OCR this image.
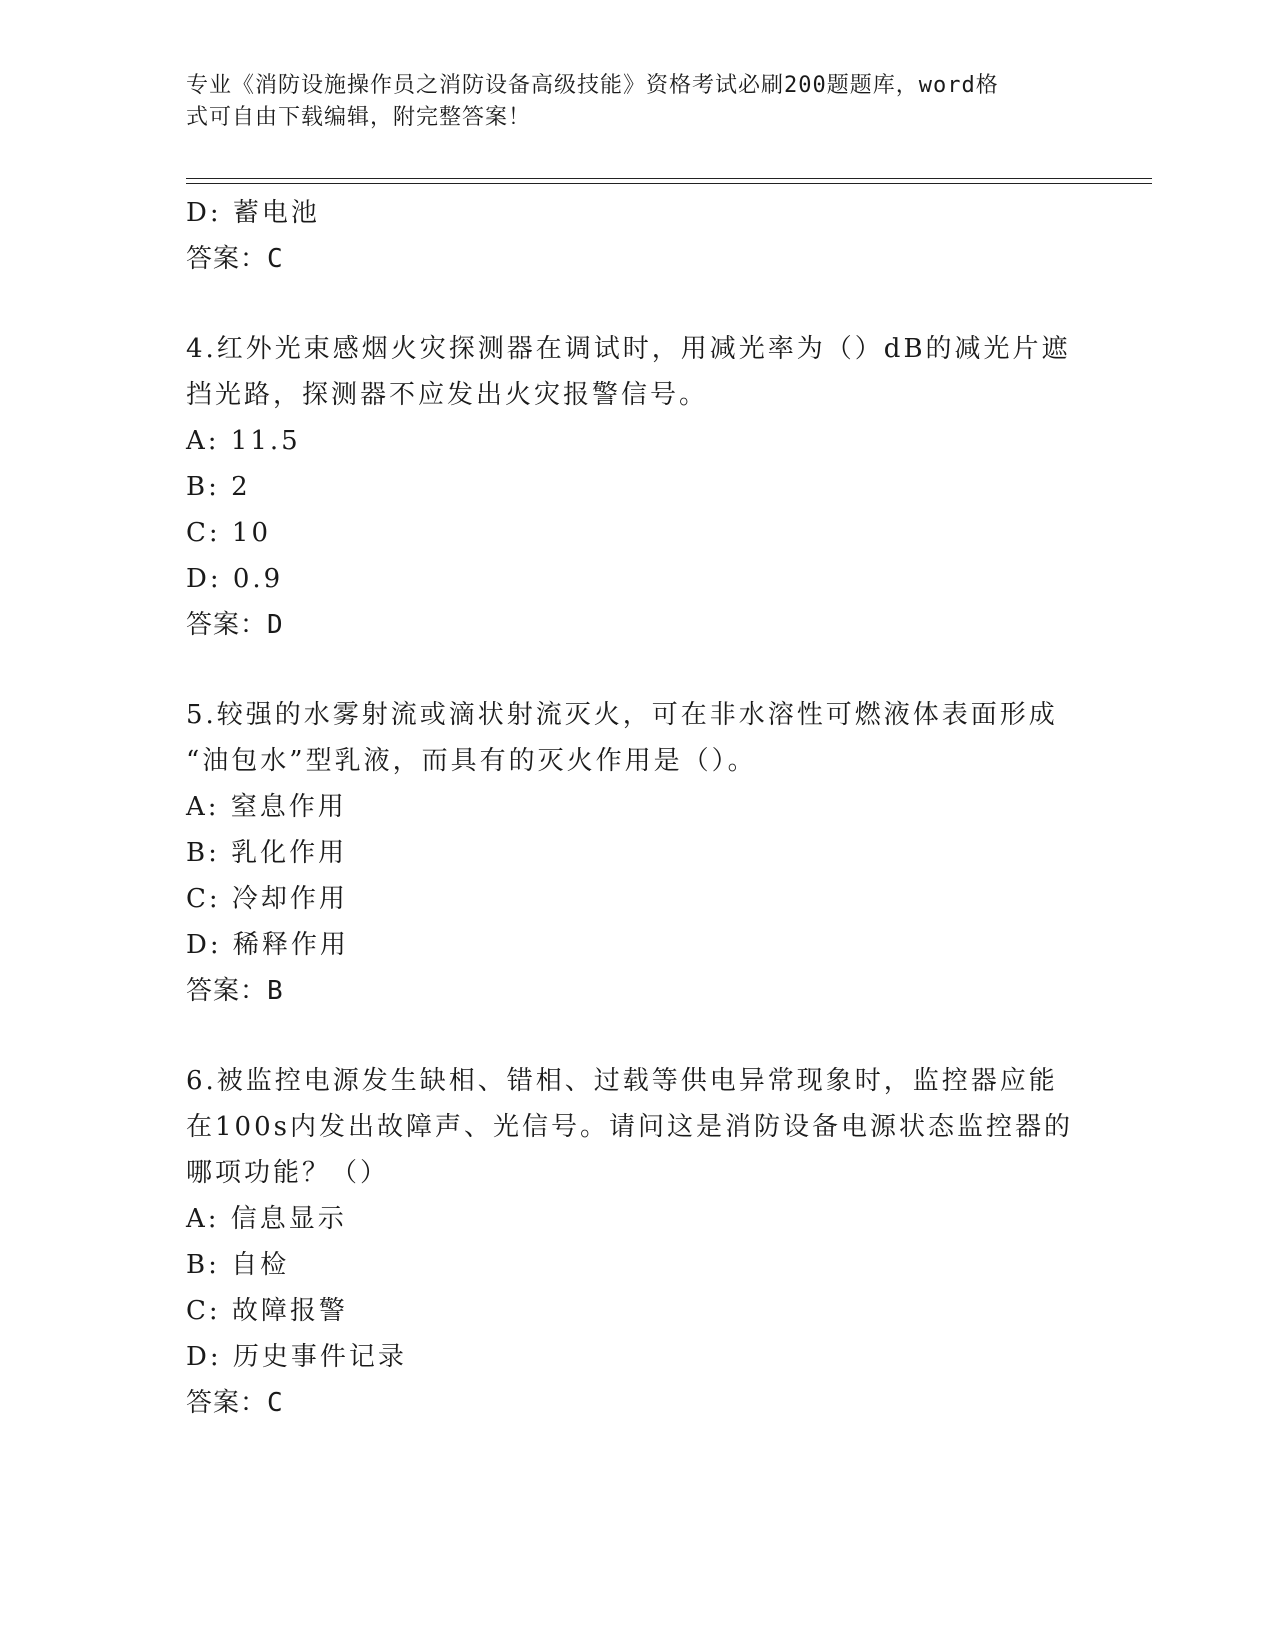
专业《消防设施操作员之消防设备高级技能》资格考试必刷200题题库，word格
式可自由下载编辑，附完整答案！
D: 蓄电池
答案：C
4.红外光束感烟火灾探测器在调试时，用减光率为（）dB的减光片遮
挡光路，探测器不应发出火灾报警信号。
A: 11.5
B: 2
C: 10
D: 0.9
答案：D
5.较强的水雾射流或滴状射流灭火，可在非水溶性可燃液体表面形成
“油包水”型乳液，而具有的灭火作用是（）。
A: 窒息作用
B: 乳化作用
C: 冷却作用
D: 稀释作用
答案：B
6.被监控电源发生缺相、错相、过载等供电异常现象时，监控器应能
在100s内发出故障声、光信号。请问这是消防设备电源状态监控器的
哪项功能？（）
A: 信息显示
B: 自检
C: 故障报警
D: 历史事件记录
答案：C
